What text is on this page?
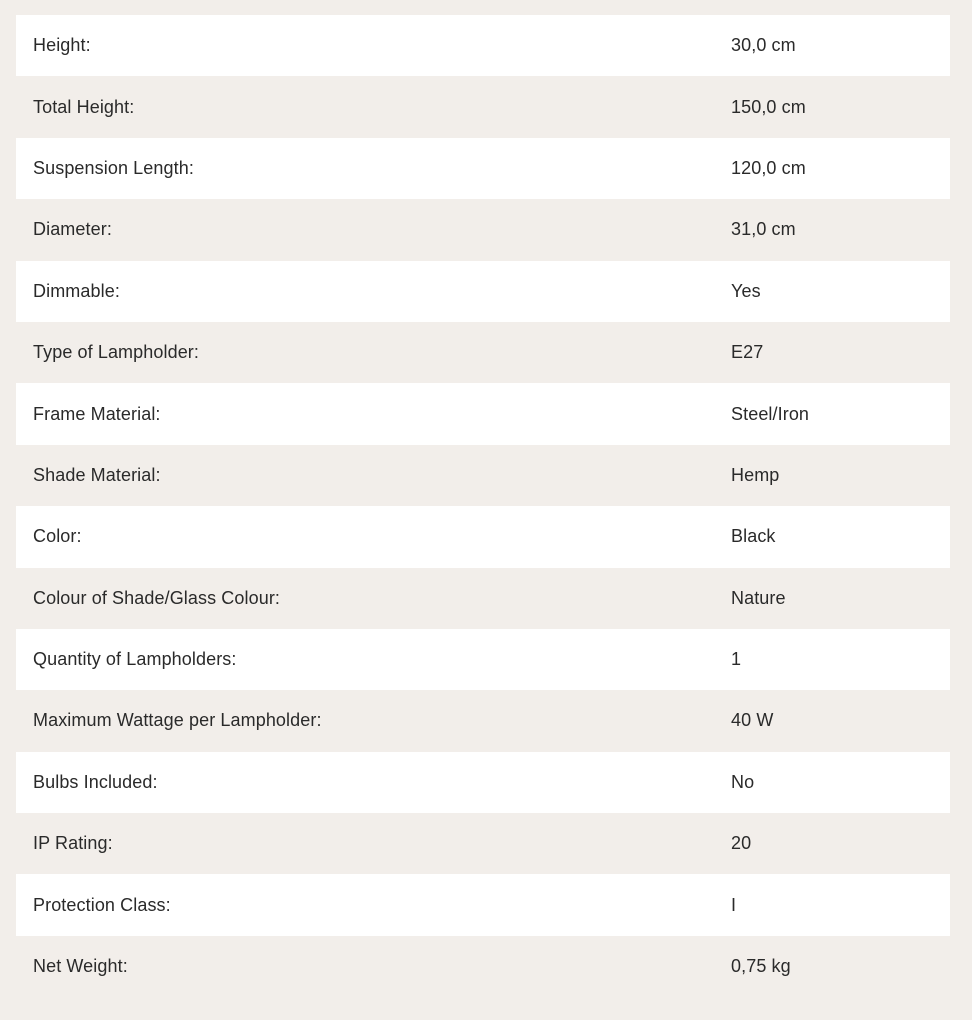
Height:	30,0 cm
Total Height:	150,0 cm
Suspension Length:	120,0 cm
Diameter:	31,0 cm
Dimmable:	Yes
Type of Lampholder:	E27
Frame Material:	Steel/Iron
Shade Material:	Hemp
Color:	Black
Colour of Shade/Glass Colour:	Nature
Quantity of Lampholders:	1
Maximum Wattage per Lampholder:	40 W
Bulbs Included:	No
IP Rating:	20
Protection Class:	I
Net Weight:	0,75 kg
